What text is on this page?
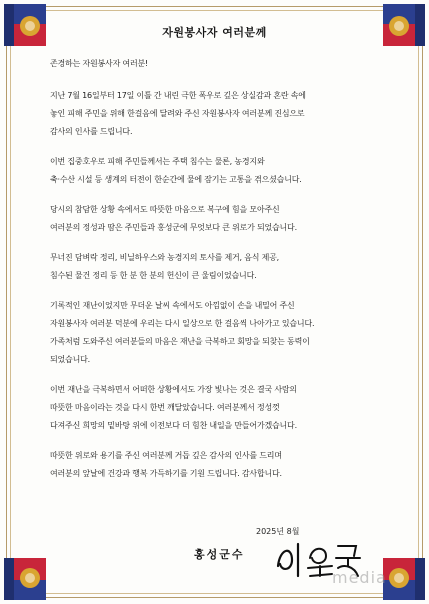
자원봉사자 여러분께

존경하는 자원봉사자 여러분!

지난 7월 16일부터 17일 이틀 간 내린 극한 폭우로 깊은 상실감과 혼란 속에
놓인 피해 주민을 위해 한걸음에 달려와 주신 자원봉사자 여러분께 진심으로
감사의 인사를 드립니다.

이번 집중호우로 피해 주민들께서는 주택 침수는 물론, 농경지와
축·수산 시설 등 생계의 터전이 한순간에 물에 잠기는 고통을 겪으셨습니다.

당시의 참담한 상황 속에서도 따뜻한 마음으로 복구에 힘을 모아주신
여러분의 정성과 땀은 주민들과 홍성군에 무엇보다 큰 위로가 되었습니다.

무너진 담벼락 정리, 비닐하우스와 농경지의 토사를 제거, 음식 제공,
침수된 물건 정리 등 한 분 한 분의 헌신이 큰 울림이었습니다.

기록적인 재난이었지만 무더운 날씨 속에서도 아낌없이 손을 내밀어 주신
자원봉사자 여러분 덕분에 우리는 다시 일상으로 한 걸음씩 나아가고 있습니다.
가족처럼 도와주신 여러분들의 마음은 재난을 극복하고 회망을 되찾는 동력이
되었습니다.

이번 재난을 극복하면서 어떠한 상황에서도 가장 빛나는 것은 결국 사람의
따뜻한 마음이라는 것을 다시 한번 깨달았습니다. 여러분께서 정성껏
다져주신 희망의 밑바탕 위에 이전보다 더 힘찬 내일을 만들어가겠습니다.

따뜻한 위로와 용기를 주신 여러분께 거듭 깊은 감사의 인사를 드리며
여러분의 앞날에 건강과 행복 가득하기를 기원 드립니다. 감사합니다.

2025년 8월
홍성군수
media
